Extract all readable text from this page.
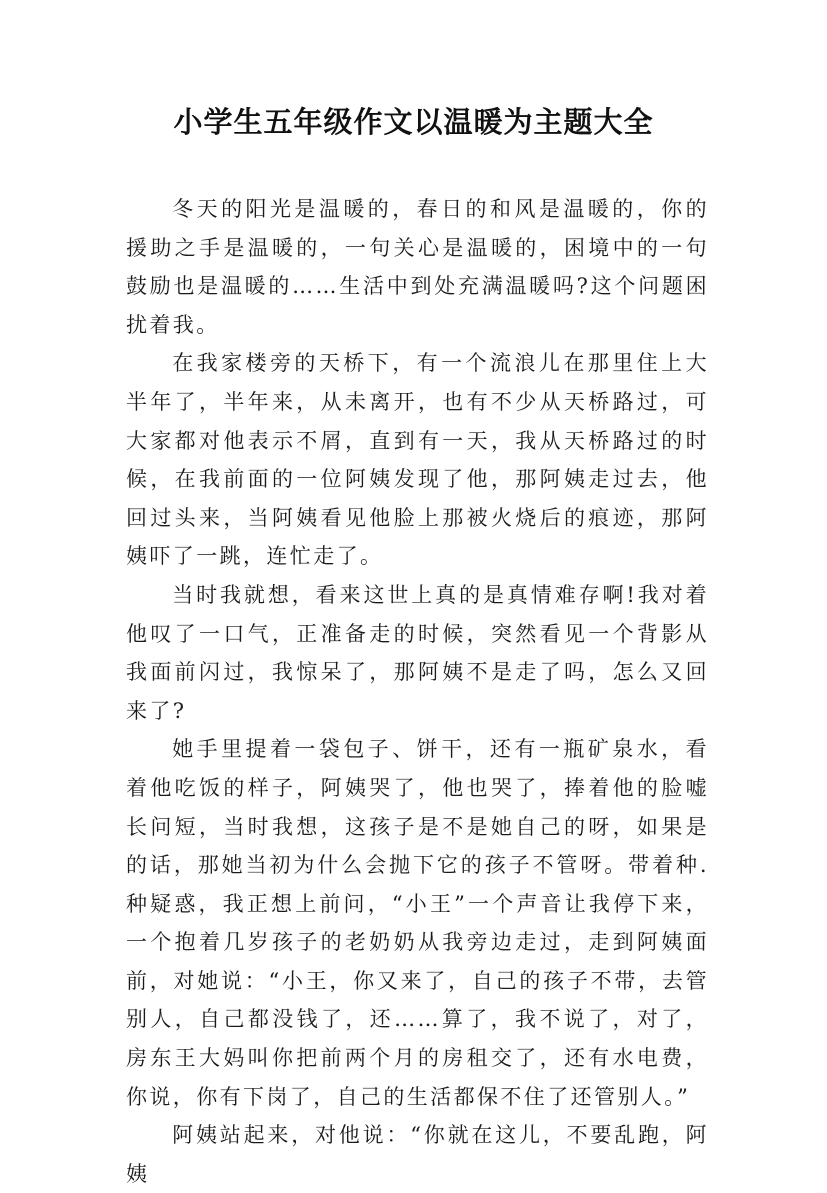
小学生五年级作文以温暖为主题大全

冬天的阳光是温暖的，春日的和风是温暖的，你的援助之手是温暖的，一句关心是温暖的，困境中的一句鼓励也是温暖的……生活中到处充满温暖吗?这个问题困扰着我。

在我家楼旁的天桥下，有一个流浪儿在那里住上大半年了，半年来，从未离开，也有不少从天桥路过，可大家都对他表示不屑，直到有一天，我从天桥路过的时候，在我前面的一位阿姨发现了他，那阿姨走过去，他回过头来，当阿姨看见他脸上那被火烧后的痕迹，那阿姨吓了一跳，连忙走了。

当时我就想，看来这世上真的是真情难存啊!我对着他叹了一口气，正准备走的时候，突然看见一个背影从我面前闪过，我惊呆了，那阿姨不是走了吗，怎么又回来了?

她手里提着一袋包子、饼干，还有一瓶矿泉水，看着他吃饭的样子，阿姨哭了，他也哭了，捧着他的脸嘘长问短，当时我想，这孩子是不是她自己的呀，如果是的话，那她当初为什么会抛下它的孩子不管呀。带着种.种疑惑，我正想上前问，“小王”一个声音让我停下来，一个抱着几岁孩子的老奶奶从我旁边走过，走到阿姨面前，对她说：“小王，你又来了，自己的孩子不带，去管别人，自己都没钱了，还……算了，我不说了，对了，房东王大妈叫你把前两个月的房租交了，还有水电费，你说，你有下岗了，自己的生活都保不住了还管别人。”

阿姨站起来，对他说：“你就在这儿，不要乱跑，阿姨
